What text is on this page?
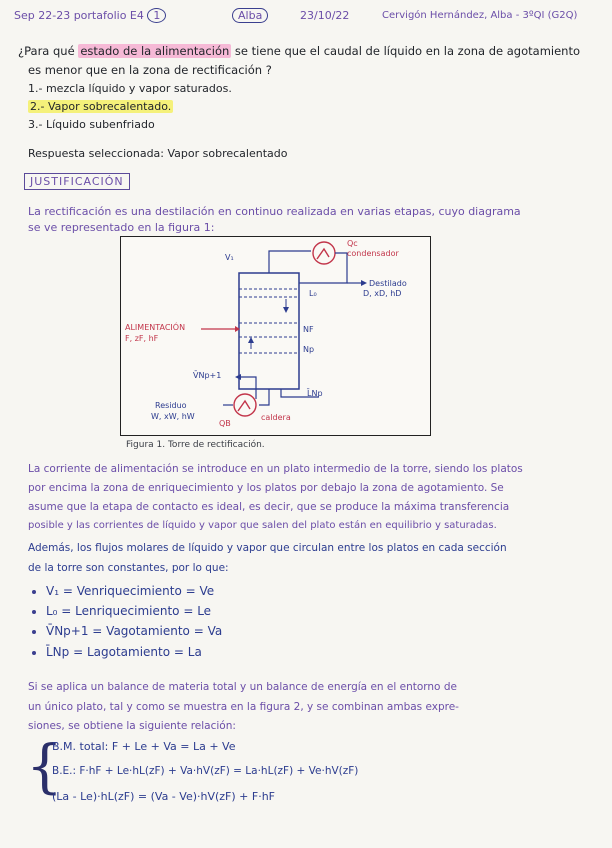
Sep 22-23 portafolio E4 1	Alba	23/10/22	Cervigón Hernández, Alba - 3ºQI (G2Q)
¿Para qué estado de la alimentación se tiene que el caudal de líquido en la zona de agotamiento
es menor que en la zona de rectificación ?
1.- mezcla líquido y vapor saturados.
2.- Vapor sobrecalentado.
3.- Líquido subenfriado
Respuesta seleccionada: Vapor sobrecalentado
JUSTIFICACIÓN
La rectificación es una destilación en continuo realizada en varias etapas, cuyo diagrama
se ve representado en la figura 1:
V₁
Qc
condensador
Destilado
D, xD, hD
L₀
ALIMENTACIÓN
F, zF, hF
NF
Np
V̄Np+1
L̄Np
Residuo
W, xW, hW
QB
caldera
Figura 1. Torre de rectificación.
La corriente de alimentación se introduce en un plato intermedio de la torre, siendo los platos
por encima la zona de enriquecimiento y los platos por debajo la zona de agotamiento. Se
asume que la etapa de contacto es ideal, es decir, que se produce la máxima transferencia
posible y las corrientes de líquido y vapor que salen del plato están en equilibrio y saturadas.
Además, los flujos molares de líquido y vapor que circulan entre los platos en cada sección
de la torre son constantes, por lo que:
V₁ = Venriquecimiento = Ve
L₀ = Lenriquecimiento = Le
V̄Np+1 = Vagotamiento = Va
L̄Np = Lagotamiento = La
Si se aplica un balance de materia total y un balance de energía en el entorno de
un único plato, tal y como se muestra en la figura 2, y se combinan ambas expre-
siones, se obtiene la siguiente relación:
{
B.M. total: F + Le + Va = La + Ve
B.E.: F·hF + Le·hL(zF) + Va·hV(zF) = La·hL(zF) + Ve·hV(zF)
(La - Le)·hL(zF) = (Va - Ve)·hV(zF) + F·hF
